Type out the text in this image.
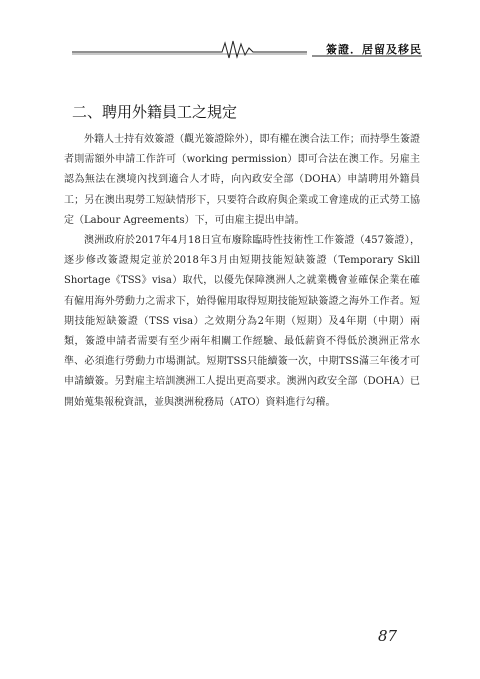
簽證．居留及移民
二、聘用外籍員工之規定

外籍人士持有效簽證（觀光簽證除外），即有權在澳合法工作；而持學生簽證者則需額外申請工作許可（working permission）即可合法在澳工作。另雇主認為無法在澳境內找到適合人才時，向內政安全部（DOHA）申請聘用外籍員工；另在澳出現勞工短缺情形下，只要符合政府與企業或工會達成的正式勞工協定（Labour Agreements）下，可由雇主提出申請。

澳洲政府於2017年4月18日宣布廢除臨時性技術性工作簽證（457簽證），逐步修改簽證規定並於2018年3月由短期技能短缺簽證（Temporary Skill Shortage《TSS》visa）取代，以優先保障澳洲人之就業機會並確保企業在確有僱用海外勞動力之需求下，始得僱用取得短期技能短缺簽證之海外工作者。短期技能短缺簽證（TSS visa）之效期分為2年期（短期）及4年期（中期）兩類，簽證申請者需要有至少兩年相關工作經驗、最低薪資不得低於澳洲正常水準、必須進行勞動力市場測試。短期TSS只能續簽一次，中期TSS滿三年後才可申請續簽。另對雇主培訓澳洲工人提出更高要求。澳洲內政安全部（DOHA）已開始蒐集報稅資訊，並與澳洲稅務局（ATO）資料進行勾稽。

87
